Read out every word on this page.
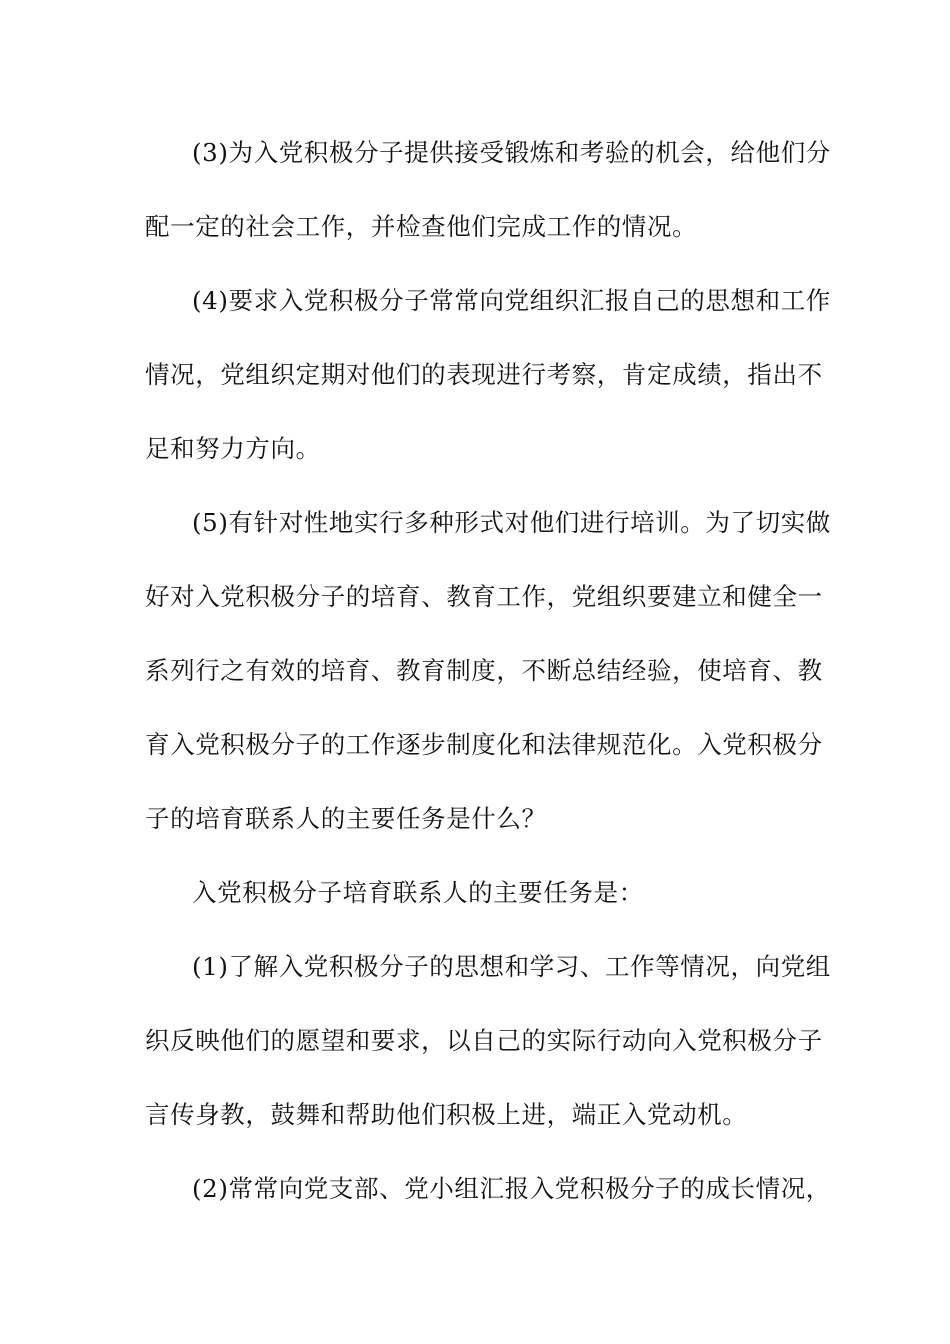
(3)为入党积极分子提供接受锻炼和考验的机会，给他们分
配一定的社会工作，并检查他们完成工作的情况。
(4)要求入党积极分子常常向党组织汇报自己的思想和工作
情况，党组织定期对他们的表现进行考察，肯定成绩，指出不
足和努力方向。
(5)有针对性地实行多种形式对他们进行培训。为了切实做
好对入党积极分子的培育、教育工作，党组织要建立和健全一
系列行之有效的培育、教育制度，不断总结经验，使培育、教
育入党积极分子的工作逐步制度化和法律规范化。入党积极分
子的培育联系人的主要任务是什么？
入党积极分子培育联系人的主要任务是：
(1)了解入党积极分子的思想和学习、工作等情况，向党组
织反映他们的愿望和要求，以自己的实际行动向入党积极分子
言传身教，鼓舞和帮助他们积极上进，端正入党动机。
(2)常常向党支部、党小组汇报入党积极分子的成长情况，
